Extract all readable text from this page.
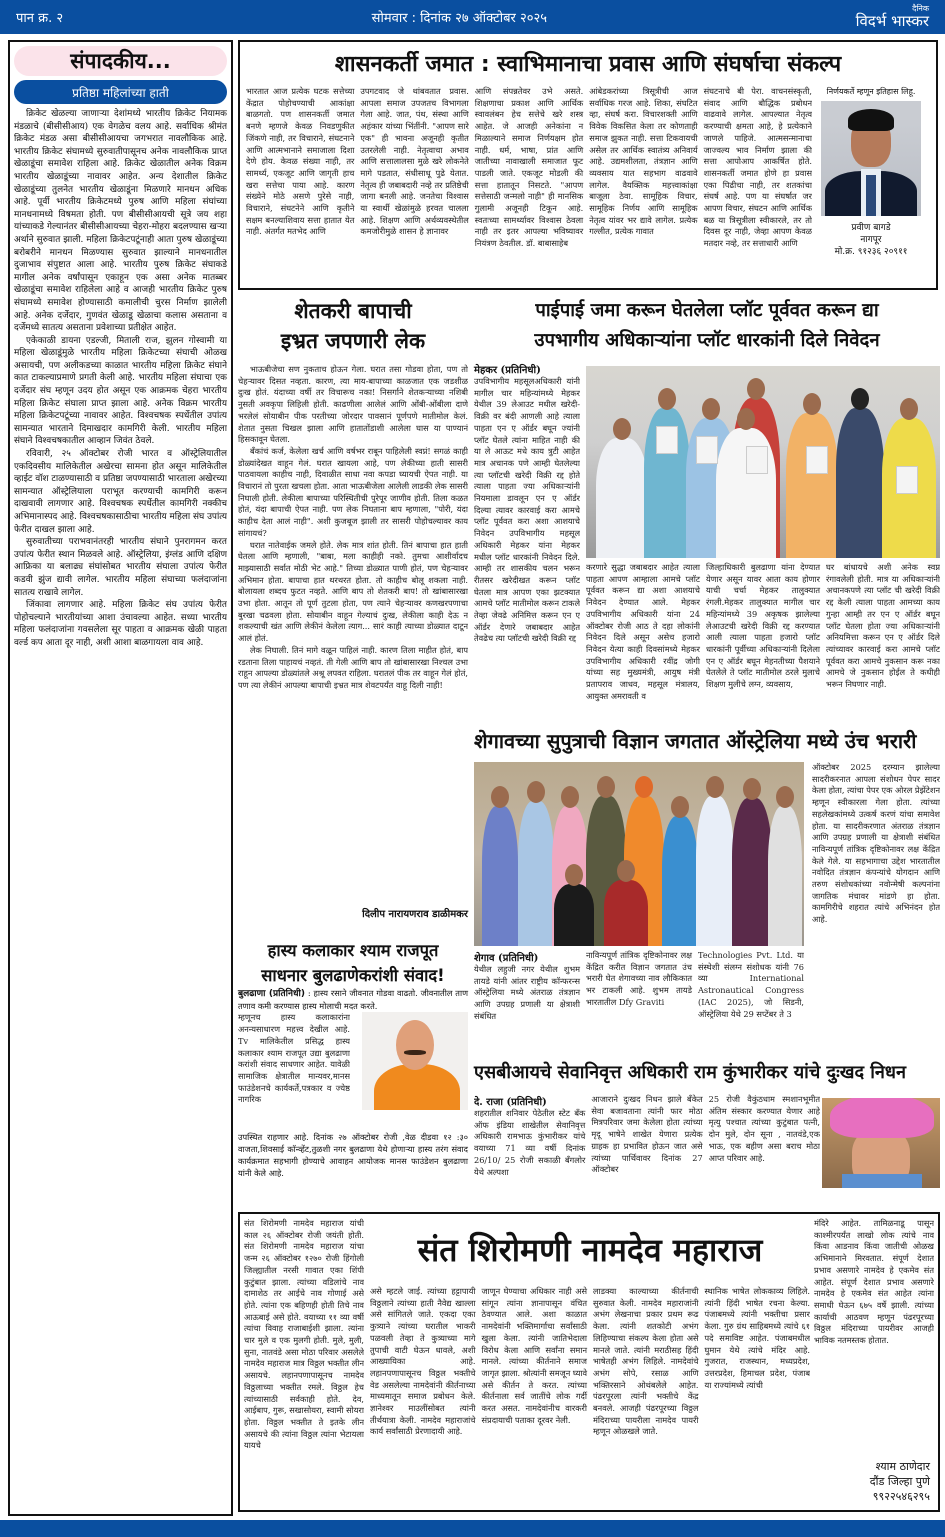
पान क्र. २	सोमवार : दिनांक २७ ऑक्टोबर २०२५
दैनिक
विदर्भ भास्कर
संपादकीय...
प्रतिष्ठा महिलांच्या हाती

क्रिकेट खेळल्या जाणाऱ्या देशांमध्ये भारतीय क्रिकेट नियामक मंडळाचे (बीसीसीआय) एक वेगळेच वलय आहे. सर्वाधिक श्रीमंत क्रिकेट मंडळ असा बीसीसीआयचा जगभरात नावलौकिक आहे. भारतीय क्रिकेट संघामध्ये सुरुवातीपासूनच अनेक नावलौकिक प्राप्त खेळाडूंचा समावेश राहिला आहे. क्रिकेट खेळातील अनेक विक्रम भारतीय खेळाडूंच्या नावावर आहेत. अन्य देशातील क्रिकेट खेळाडूंच्या तुलनेत भारतीय खेळाडूंना मिळणारे मानधन अधिक आहे. पूर्वी भारतीय क्रिकेटमध्ये पुरुष आणि महिला संघांच्या मानधनामध्ये विषमता होती. पण बीसीसीआयची सूत्रे जय शहा यांच्याकडे गेल्यानंतर बीसीसीआयच्या चेहरा-मोहरा बदलण्यास खऱ्या अर्थाने सुरुवात झाली. महिला क्रिकेटपटूंनाही आता पुरुष खेळाडूंच्या बरोबरीने मानधन मिळण्यास सुरुवात झाल्याने मानधनातील दुजाभाव संपुष्टात आला आहे. भारतीय पुरुष क्रिकेट संघाकडे मागील अनेक वर्षांपासून एकाहून एक असा अनेक मातब्बर खेळाडूंचा समावेश राहिलेला आहे व आजही भारतीय क्रिकेट पुरुष संघामध्ये समावेश होण्यासाठी कमालीची चुरस निर्माण झालेली आहे. अनेक दर्जेदार, गुणवंत खेळाडू खेळाचा कलास असताना व दर्जेमध्ये सातत्य असताना प्रवेशाच्या प्रतीक्षेत आहेत.

एकेकाळी डायना एडल्जी, मिताली राज, झुलन गोस्वामी या महिला खेळाडूंमुळे भारतीय महिला क्रिकेटच्या संघाची ओळख असायची, पण अलीकडच्या काळात भारतीय महिला क्रिकेट संघाने कात टाकल्याप्रमाणे प्रगती केली आहे. भारतीय महिला संघाचा एक दर्जेदार संघ म्हणून उदय होत असून एक आक्रमक चेहरा भारतीय महिला क्रिकेट संघाला प्राप्त झाला आहे. अनेक विक्रम भारतीय महिला क्रिकेटपटूंच्या नावावर आहेत. विश्वचषक स्पर्धेतील उपांत्य सामन्यात भारताने दिमाखदार कामगिरी केली. भारतीय महिला संघाने विश्वचषकातील आव्हान जिवंत ठेवले.

रविवारी, २५ ऑक्टोबर रोजी भारत व ऑस्ट्रेलियातील एकदिवसीय मालिकेतील अखेरचा सामना होत असून मालिकेतील व्हाईट वॉश टाळण्यासाठी व प्रतिष्ठा जपण्यासाठी भारताला अखेरच्या सामन्यात ऑस्ट्रेलियाला पराभूत करण्याची कामगिरी करून दाखवावी लागणार आहे. विश्वचषक स्पर्धेतील कामगिरी नक्कीच अभिमानास्पद आहे. विश्वचषकासाठीचा भारतीय महिला संघ उपांत्य फेरीत दाखल झाला आहे.

सुरुवातीच्या पराभवानंतरही भारतीय संघाने पुनरागमन करत उपांत्य फेरीत स्थान मिळवले आहे. ऑस्ट्रेलिया, इंग्लंड आणि दक्षिण आफ्रिका या बलाढ्य संघांसोबत भारतीय संघाला उपांत्य फेरीत कडवी झुंज द्यावी लागेल. भारतीय महिला संघाच्या फलंदाजांना सातत्य राखावे लागेल.

जिंकावा लागणार आहे. महिला क्रिकेट संघ उपांत्य फेरीत पोहोचल्याने भारतीयांच्या आशा उंचावल्या आहेत. सध्या भारतीय महिला फलंदाजांना गवसलेला सूर पाहता व आक्रमक खेळी पाहता वर्ल्ड कप आता दूर नाही, अशी आशा बाळगायला वाव आहे.

शासनकर्ती जमात : स्वाभिमानाचा प्रवास आणि संघर्षाचा संकल्प
भारतात आज प्रत्येक घटक सत्तेच्या केंद्रात पोहोचण्याची आकांक्षा बाळगतो. पण शासनकर्ती जमात बनणे म्हणजे केवळ निवडणुकीत जिंकणे नाही, तर विचाराने, संघटनाने आणि आत्मभानाने समाजाला दिशा देणे होय. केवळ संख्या नाही, तर सामर्थ्य, एकजूट आणि जागृती हाच खरा सत्तेचा पाया आहे. कारण संख्येने मोठे असणे पुरेसे नाही, विचाराने, संघटनेने आणि कृतीने सक्षम बनल्याशिवाय सत्ता हातात येत नाही. अंतर्गत मतभेद आणि
उपगटवाद जे थांबवतात प्रवास. आपला समाज उपजतच विभागला गेला आहे. जात, पंथ, संस्था आणि अहंकार यांच्या भिंतींनी. "आपण सारे एक" ही भावना अजूनही कृतीत उतरलेली नाही. नेतृत्वाचा अभाव आणि सत्तालालसा मुळे खरे लोकनेते मागे पडतात, संधीसाधू पुढे येतात. नेतृत्व ही जबाबदारी नव्हे तर प्रतिष्ठेची जागा बनली आहे. जनतेचा विश्वास या स्वार्थी खेळांमुळे हरवत चालला आहे. शिक्षण आणि अर्थव्यवस्थेतील कमजोरीमुळे शासन हे ज्ञानावर
आणि संपन्नतेवर उभे असते. शिक्षणाचा प्रकाश आणि आर्थिक स्वावलंबन हेच सत्तेचे खरे शस्त्र आहेत. जे आजही अनेकांना न मिळाल्याने समाज निर्णयक्षम होत नाही. धर्म, भाषा, प्रांत आणि जातीच्या नावाखाली समाजात फूट पाडली जाते. एकजूट मोडली की सत्ता हातातून निसटते. "आपण सत्तेसाठी जन्मलो नाही" ही मानसिक गुलामी अजूनही टिकून आहे. स्वतःच्या सामर्थ्यावर विश्वास ठेवला नाही तर इतर आपल्या भविष्यावर नियंत्रण ठेवतील. डॉ. बाबासाहेब
आंबेडकरांच्या त्रिसूत्रीची आज सर्वाधिक गरज आहे. शिका, संघटित व्हा, संघर्ष करा. विचारशक्ती आणि विवेक विकसित केला तर कोणताही समाज झुकत नाही. सत्ता टिकवायची असेल तर आर्थिक स्वातंत्र्य अनिवार्य आहे. उद्यमशीलता, तंत्रज्ञान आणि व्यवसाय यात सहभाग वाढवावे लागेल. वैयक्तिक महत्त्वाकांक्षा बाजूला ठेवा. सामूहिक विचार, सामूहिक निर्णय आणि सामूहिक नेतृत्व यांवर भर द्यावे लागेल. प्रत्येक गल्लीत, प्रत्येक गावात
संघटनाचे बी पेरा. वाचनसंस्कृती, संवाद आणि बौद्धिक प्रबोधन वाढवावे लागेल. आपल्यात नेतृत्व करण्याची क्षमता आहे, हे प्रत्येकाने जाणले पाहिजे. आत्मसन्मानाचा जाज्वल्य भाव निर्माण झाला की सत्ता आपोआप आकर्षित होते. शासनकर्ती जमात होणे हा प्रवास एका पिढीचा नाही, तर शतकांचा संघर्ष आहे. पण या संघर्षात जर आपण विचार, संघटन आणि आर्थिक बळ या त्रिसूत्रीला स्वीकारले, तर तो दिवस दूर नाही, जेव्हा आपण केवळ मतदार नव्हे, तर सत्ताधारी आणि
निर्णयकर्ते म्हणून इतिहास लिहू.
प्रवीण बागडे
नागपूर
मो.क्र. ९१२३६ २०९११
शेतकरी बापाची
इभ्रत जपणारी लेक

भाऊबीजेचा सण नुकताच होऊन गेला. घरात तसा गोडवा होता, पण तो चेहऱ्यावर दिसत नव्हता. कारण, त्या माय-बापाच्या काळजात एक जडशीळ दुःख होतं. यंदाच्या वर्षी तर विचारूच नका! निसर्गाने शेतकऱ्याच्या नशिबी नुसती अवकृपा लिहिली होती. काढणीला आलेलं आणि ओंबी-ओंबीला दाणे भरलेलं सोयाबीन पीक परतीच्या जोरदार पावसानं पूर्णपणे मातीमोल केलं. शेतात नुसता चिखल झाला आणि हातातोंडाशी आलेला घास या पाण्यानं हिसकावून घेतला.

बँकांचं कर्ज, केलेला खर्च आणि वर्षभर राबून पाहिलेली स्वप्नं! सगळं काही डोळ्यांदेखत वाहून गेलं. घरात खायला आहे, पण लेकीच्या हाती सासरी पाठवायला काहीच नाही, दिवाळीत साधा नवा कपडा घ्यायची ऐपत नाही. या विचारानं तो पुरता खचला होता. आता भाऊबीजेला आलेली लाडकी लेक सासरी निघाली होती. लेकीला बापाच्या परिस्थितीची पुरेपूर जाणीव होती. तिला कळत होतं, यंदा बापाची ऐपत नाही. पण लेक निघताना बाप म्हणाला, "पोरी, यंदा काहीच देता आलं नाही". अशी कुजबूज झाली तर सासरी पोहोचल्यावर काय सांगायचं?

घरात नातेवाईक जमले होते. लेक मात्र शांत होती. तिनं बापाचा हात हाती घेतला आणि म्हणाली, "बाबा, मला काहीही नको. तुमचा आशीर्वादच माझ्यासाठी सर्वात मोठी भेट आहे." तिच्या डोळ्यात पाणी होतं, पण चेहऱ्यावर अभिमान होता. बापाचा हात थरथरत होता. तो काहीच बोलू शकला नाही. बोलायला शब्दच फुटत नव्हते. आणि बाप तो शेतकरी बाप! तो खांबासारखा उभा होता. आतून तो पूर्ण तुटला होता, पण त्याने चेहऱ्यावर कणखरपणाचा बुरखा चढवला होता. सोयाबीन वाहून गेल्याचं दुःख, लेकीला काही देऊ न शकल्याची खंत आणि लेकीनं केलेला त्याग... सारं काही त्याच्या डोळ्यात दाटून आलं होतं.

लेक निघाली. तिनं मागे वळून पाहिलं नाही. कारण तिला माहीत होतं, बाप रडताना तिला पाहायचं नव्हतं. ती गेली आणि बाप तो खांबासारखा निश्चल उभा राहून आपल्या डोळ्यांतले अश्रू लपवत राहिला. घरातलं पीक तर वाहून गेलं होतं, पण त्या लेकीनं आपल्या बापाची इभ्रत मात्र शेवटपर्यंत वाहू दिली नाही!

दिलीप नारायणराव डाळीमकर
पाईपाई जमा करून घेतलेला प्लॉट पूर्ववत करून द्या
उपभागीय अधिकाऱ्यांना प्लॉट धारकांनी दिले निवेदन
मेहकर (प्रतिनिधी)
उपविभागीय महसूलअधिकारी यांनी मागील चार महिन्यांमध्ये मेहकर येथील 39 लेआउट मधील खरेदी-विक्री वर बंदी आणली आहे त्याला पाहता एन ए ऑर्डर बघून ज्यांनी प्लॉट घेतले त्यांना माहित नाही की या ले आऊट मधे काय त्रुटी आहेत मात्र अचानक पणे आम्ही घेतलेल्या त्या प्लॉटची खरेदी विक्री रद्द होते त्याला पाहता ज्या अधिकाऱ्यांनी नियमाला डावलून एन ए ऑर्डर दिल्या त्यावर कारवाई करा आमचे प्लॉट पूर्ववत करा अशा आशयाचे निवेदन उपविभागीय महसूल अधिकारी मेहकर यांना मेहकर मधील प्लॉट धारकांनी निवेदन दिले. आम्ही तर शासकीय चलन भरून रीतसर खरेदीखत करून प्लॉट घेतला मात्र आपण एका झटक्यात आमचे प्लॉट मातीमोल करून टाकले तेव्हा जेवढे अनिमित्त करून एन ए ऑर्डर देणारे जबाबदार आहेत तेवढेच त्या प्लॉटची खरेदी विक्री रद्द
करणारे सुद्धा जबाबदार आहेत त्याला पाहता आपण आम्हाला आमचे प्लॉट पूर्ववत करून द्या अशा आशयाचे निवेदन देण्यात आले. मेहकर उपविभागीय अधिकारी यांना 24 ऑक्टोबर रोजी आठ ते दहा लोकांनी निवेदन दिले असून असेच हजारो निवेदन येत्या काही दिवसांमध्ये मेहकर उपविभागीय अधिकारी रवींद्र जोगी यांच्या सह मुख्यमंत्री, आयुष मंत्री प्रतापराव जाधव, महसूल मंत्रालय, आयुक्त अमरावती व
जिल्हाधिकारी बुलढाणा यांना देण्यात येणार असून यावर आता काय होणार याची चर्चा मेहकर तालुक्यात रंगली.मेहकर तालुक्यात मागील चार महिन्यांमध्ये 39 अकृषक झालेल्या लेआउटची खरेदी विक्री रद्द करण्यात आली त्याला पाहता हजारो प्लॉट धारकांनी पूर्वीच्या अधिकाऱ्यांनी दिलेला एन ए ऑर्डर बघून मेहनतीच्या पैशयाने घेतलेले ते प्लॉट मातीमोल ठरले मुलाचे शिक्षण मुलीचे लग्न, व्यवसाय,
घर बांधायचे अशी अनेक स्वप्न रंगावलेली होती. मात्र या अधिकाऱ्यांनी अचानकपणे त्या प्लॉट ची खरेदी विक्री रद्द केली त्याला पाहता आमच्या काय गुन्हा आम्ही तर एन ए ऑर्डर बघून प्लॉट घेतला होता ज्या अधिकाऱ्यांनी अनियमित्ता करून एन ए ऑर्डर दिले त्यांच्यावर कारवाई करा आमचे प्लॉट पूर्ववत करा आमचे नुकसान करू नका आमचे जे नुकसान होईल ते कधीही भरून निघणार नाही.
शेगावच्या सुपुत्राची विज्ञान जगतात ऑस्ट्रेलिया मध्ये उंच भरारी
शेगाव (प्रतिनिधी)
येथील लहुजी नगर येथील शुभम तायडे यांनी आंतर राष्ट्रीय कॉन्फरन्स ऑस्ट्रेलिया मध्ये अंतराळ तंत्रज्ञान आणि उपग्रह प्रणाली या क्षेत्राशी संबंधित
नाविन्यपूर्ण तांत्रिक दृष्टिकोनावर लक्ष केंद्रित करीत विज्ञान जगतात उंच भरारी घेत शेगावच्या नाव लौकिकात भर टाकली आहे. शुभम तायडे भारतातील Dfy Graviti
Technologies Pvt. Ltd. या संस्थेशी संलग्न संशोधक यांनी 76 व्या International Astronautical Congress (IAC 2025), जो सिडनी, ऑस्ट्रेलिया येथे 29 सप्टेंबर ते 3
ऑक्टोबर 2025 दरम्यान झालेल्या सादरीकरनात आपला संशोधन पेपर सादर केला होता, त्यांचा पेपर एक ओरल प्रेझेंटेशन म्हणून स्वीकारला गेला होता. त्यांच्या सहलेखकांमध्ये उत्कर्ष करणं यांचा समावेश होता. या सादरीकरणात अंतराळ तंत्रज्ञान आणि उपग्रह प्रणाली या क्षेत्राशी संबंधित नाविन्यपूर्ण तांत्रिक दृष्टिकोनावर लक्ष केंद्रित केले गेले. या सहभागाचा उद्देश भारतातील नवोदित तंत्रज्ञान कंपन्यांचे योगदान आणि तरुण संशोधकांच्या नवोन्मेषी कल्पनांना जागतिक मंचावर मांडणे हा होता. कामगिरीचे शहरात त्यांचे अभिनंदन होत आहे.
हास्य कलाकार श्याम राजपूत
साधनार बुलढाणेकरांशी संवाद!
बुलढाणा (प्रतिनिधी) : हास्य रसाने जीवनात गोडवा वाढतो. जीवनातील ताण तणाव कमी करण्यास हास्य मोलाची मदत करते.
म्हणूनच हास्य कलाकारांना अनन्यसाधारण महत्त्व देखील आहे. Tv मालिकेतील प्रसिद्ध हास्य कलाकार श्याम राजपूत उद्या बुलढाणा करांशी संवाद साधणार आहेत. यावेळी सामाजिक क्षेत्रातील मान्यवर,मानस फाउंडेशनचे कार्यकर्ते,पत्रकार व ज्येष्ठ नागरिक
उपस्थित राहणार आहे. दिनांक २७ ऑक्टोबर रोजी ,वेळ दीडवा १२ :३० वाजता,शिवसाई कॉन्व्हेंट,तुळशी नगर बुलढाणा येथे होणाऱ्या हास्य तरंग संवाद कार्यक्रमात सहभागी होण्याचे आवाहन आयोजक मानस फाउंडेशन बुलढाणा यांनी केले आहे.
एसबीआयचे सेवानिवृत्त अधिकारी राम कुंभारीकर यांचे दुःखद निधन
दे. राजा (प्रतिनिधी)
शहरातील शनिवार पेठेतील स्टेट बँक ऑफ इंडिया शाखेतील सेवानिवृत्त अधिकारी रामभाऊ कुंभारीकर यांचे वयाच्या 71 व्या वर्षी दिनांक 26/10/ 25 रोजी सकाळी बँगलोर येथे अल्पशा
आजाराने दुःखद निधन झाले बँकेत सेवा बजावताना त्यांनी फार मोठा मित्रपरिवार जमा केलेला होता त्यांच्या मृदू भाषेने शाखेत येणारा प्रत्येक ग्राहक हा प्रभावित होऊन जात असे त्यांच्या पार्थिवावर दिनांक 27 ऑक्टोबर
25 रोजी वैकुंठधाम स्मशानभूमीत अंतिम संस्कार करण्यात येणार आहे मृत्यु पश्चात त्यांच्या कुटुंबात पत्नी, दोन मुले, दोन सूना , नातवंडे,एक भाऊ, एक बहीण असा बराच मोठा आप्त परिवार आहे.
संत शिरोमणी नामदेव महाराज यांची काल २६ ऑक्टोबर रोजी जयंती होती. संत शिरोमणी नामदेव महाराज यांचा जन्म २६ ऑक्टोबर १२७० रोजी हिंगोली जिल्ह्यातील नरसी गावात एका शिंपी कुटुंबात झाला. त्यांच्या वडिलांचे नाव दामाशेठ तर आईचे नाव गोणाई असे होते. त्यांना एक बहिणही होती तिचे नाव आऊबाई असे होते. वयाच्या ११ व्या वर्षी त्यांचा विवाह राजाबाईशी झाला. त्यांना चार मुले व एक मुलगी होती. मुले, मुली, सुना, नातवंडे असा मोठा परिवार असलेले नामदेव महाराज मात्र विठ्ठल भक्तीत लीन असायचे. लहानपणापासूनच नामदेव विठ्ठलाच्या भक्तीत रमले. विठ्ठल हेच त्यांच्यासाठी सर्वकाही होते. देव, आईबाप, गुरू, सखासोयरा, स्वामी सोयरा होता. विठ्ठल भक्तीत ते इतके लीन असायचे की त्यांना विठ्ठल त्यांना भेटायला यायचे
संत शिरोमणी नामदेव महाराज
असे म्हटले जाई. त्यांच्या हट्टापायी विठ्ठलाने त्यांच्या हाती नैवेद्य खाल्ला असे सांगितले जाते. एकदा एका कुत्र्याने त्यांच्या घरातील भाकरी पळवली तेव्हा ते कुत्र्याच्या मागे तुपाची वाटी घेऊन धावले, अशी आख्यायिका आहे. लहानपणापासूनच विठ्ठल भक्तीचे वेड असलेल्या नामदेवांनी कीर्तनाच्या माध्यमातून समाज प्रबोधन केले. ज्ञानेश्वर माउलींसोबत त्यांनी तीर्थयात्रा केली. नामदेव महाराजांचे कार्य सर्वांसाठी प्रेरणादायी आहे.
जाणून घेण्याचा अधिकार नाही असे सांगून त्यांना ज्ञानापासून वंचित ठेवण्यात आले. अशा काळात नामदेवांनी भक्तिमार्गाचा सर्वांसाठी खुला केला. त्यांनी जातिभेदाला विरोध केला आणि सर्वांना समान मानले. त्यांच्या कीर्तनाने समाज जागृत झाला. श्रोत्यांनी समजून घ्यावे असे कीर्तन ते करत. त्यांच्या कीर्तनाला सर्व जातींचे लोक गर्दी करत असत. नामदेवांनीच वारकरी संप्रदायाची पताका दूरवर नेली.
लाडक्या काल्याच्या कीर्तनाची सुरुवात केली. नामदेव महाराजांनी अभंग लेखनाचा प्रकार प्रथम रूढ केला. त्यांनी शतकोटी अभंग लिहिण्याचा संकल्प केला होता असे मानले जाते. त्यांनी मराठीसह हिंदी भाषेतही अभंग लिहिले. नामदेवांचे अभंग सोपे, रसाळ आणि भक्तिरसाने ओथंबलेले आहेत. पंढरपूरला त्यांनी भक्तीचे केंद्र बनवले. आजही पंढरपूरच्या विठ्ठल मंदिराच्या पायरीला नामदेव पायरी म्हणून ओळखले जाते.
स्थानिक भाषेत लोककाव्य लिहिले. त्यांनी हिंदी भाषेत रचना केल्या. पंजाबमध्ये त्यांनी भक्तीचा प्रसार केला. गुरु ग्रंथ साहिबमध्ये त्यांचे ६१ पदे समाविष्ट आहेत. पंजाबमधील घुमान येथे त्यांचे मंदिर आहे. गुजरात, राजस्थान, मध्यप्रदेश, उत्तरप्रदेश, हिमाचल प्रदेश, पंजाब या राज्यांमध्ये त्यांची
मंदिरे आहेत. तामिळनाडू पासून काश्मीरपर्यंत लाखो लोक त्यांचे नाव किंवा आडनाव किंवा जातीची ओळख अभिमानाने मिरवतात. संपूर्ण देशात प्रभाव असणारे नामदेव हे एकमेव संत आहेत. संपूर्ण देशात प्रभाव असणारे नामदेव हे एकमेव संत आहेत त्यांना समाधी घेऊन ६७५ वर्षे झाली. त्यांच्या कार्याची आठवण म्हणून पंढरपूरच्या विठ्ठल मंदिराच्या पायरीवर आजही भाविक नतमस्तक होतात.
श्याम ठाणेदार
दौंड जिल्हा पुणे
९९२२५४६२९५
